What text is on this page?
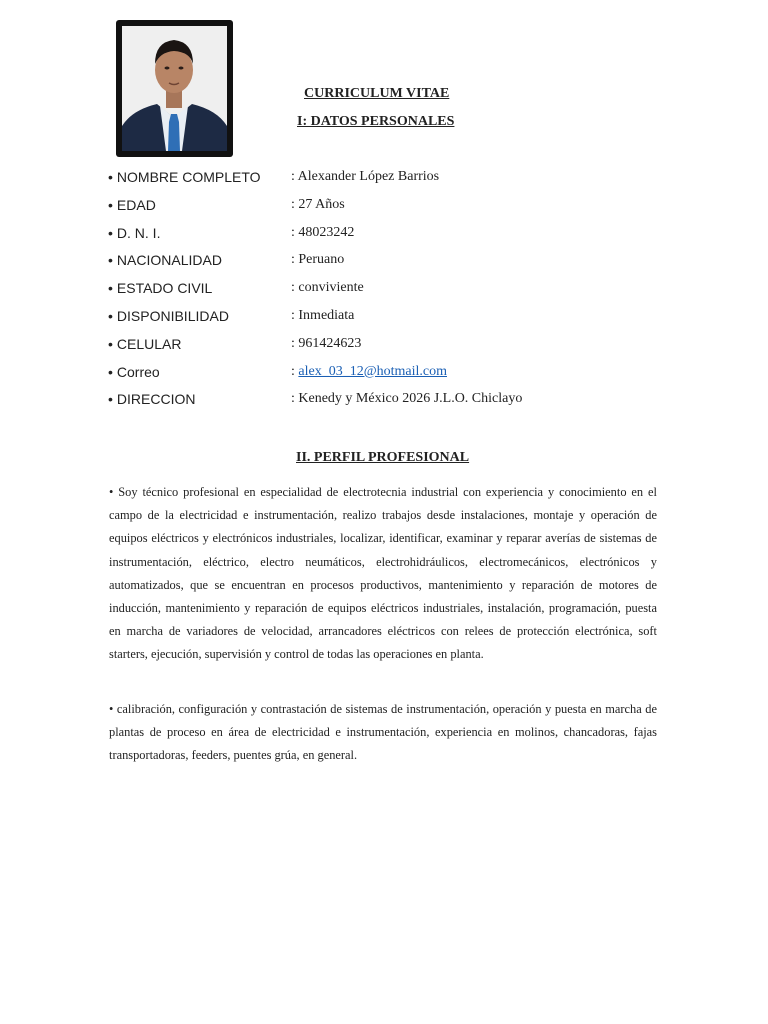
CURRICULUM VITAE
I: DATOS PERSONALES
• NOMBRE COMPLETO : Alexander López Barrios
• EDAD	: 27 Años
• D. N. I.	: 48023242
• NACIONALIDAD	: Peruano
• ESTADO CIVIL	: conviviente
• DISPONIBILIDAD	: Inmediata
• CELULAR	: 961424623
• Correo	: alex_03_12@hotmail.com
• DIRECCION	: Kenedy y México 2026 J.L.O. Chiclayo
II. PERFIL PROFESIONAL

• Soy técnico profesional en especialidad de electrotecnia industrial con experiencia y conocimiento en el campo de la electricidad e instrumentación, realizo trabajos desde instalaciones, montaje y operación de equipos eléctricos y electrónicos industriales, localizar, identificar, examinar y reparar averías de sistemas de instrumentación, eléctrico, electro neumáticos, electrohidráulicos, electromecánicos, electrónicos y automatizados, que se encuentran en procesos productivos, mantenimiento y reparación de motores de inducción, mantenimiento y reparación de equipos eléctricos industriales, instalación, programación, puesta en marcha de variadores de velocidad, arrancadores eléctricos con relees de protección electrónica, soft starters, ejecución, supervisión y control de todas las operaciones en planta.

• calibración, configuración y contrastación de sistemas de instrumentación, operación y puesta en marcha de plantas de proceso en área de electricidad e instrumentación, experiencia en molinos, chancadoras, fajas transportadoras, feeders, puentes grúa, en general.
